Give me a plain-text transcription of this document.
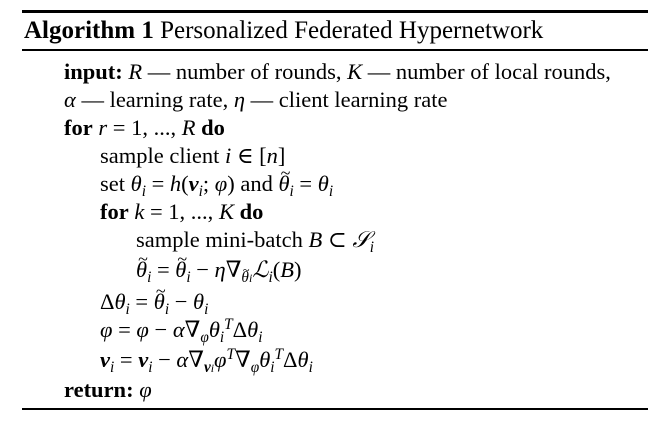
Algorithm 1 Personalized Federated Hypernetwork
input: R — number of rounds, K — number of local rounds,
α — learning rate, η — client learning rate
for r = 1, ..., R do
sample client i ∈ [n]
set $\theta_i = h(v_i$; φ) and ~ $\theta_i = \theta_i$
for k = 1, ..., K do
sample mini-batch B ⊂ 𝒮$_i$
~ $\theta_i$ = ~ $\theta_i$ − $\eta\nabla_{\theta i}ℒ_i(B)$
$\Delta\theta_i$ = ~ $\theta_i - \theta_i$
$\varphi = \varphi - \alpha\nabla_\varphi\theta_i^T\Delta\theta_i$
$v_i = v_i - \alpha\nabla_{vi}\varphi^T\nabla_\varphi\theta_i^T\Delta\theta_i$
return: φ
